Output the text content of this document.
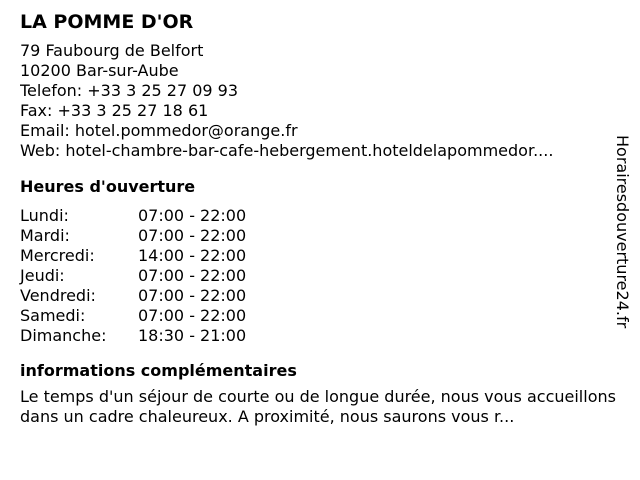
LA POMME D'OR
79 Faubourg de Belfort
10200 Bar-sur-Aube
Telefon: +33 3 25 27 09 93
Fax: +33 3 25 27 18 61
Email: hotel.pommedor@orange.fr
Web: hotel-chambre-bar-cafe-hebergement.hoteldelapommedor....
Heures d'ouverture
Lundi:	07:00 - 22:00
Mardi:	07:00 - 22:00
Mercredi:	14:00 - 22:00
Jeudi:	07:00 - 22:00
Vendredi:	07:00 - 22:00
Samedi:	07:00 - 22:00
Dimanche:	18:30 - 21:00
informations complémentaires
Le temps d'un séjour de courte ou de longue durée, nous vous accueillons dans un cadre chaleureux. A proximité, nous saurons vous r...
Horairesdouverture24.fr
